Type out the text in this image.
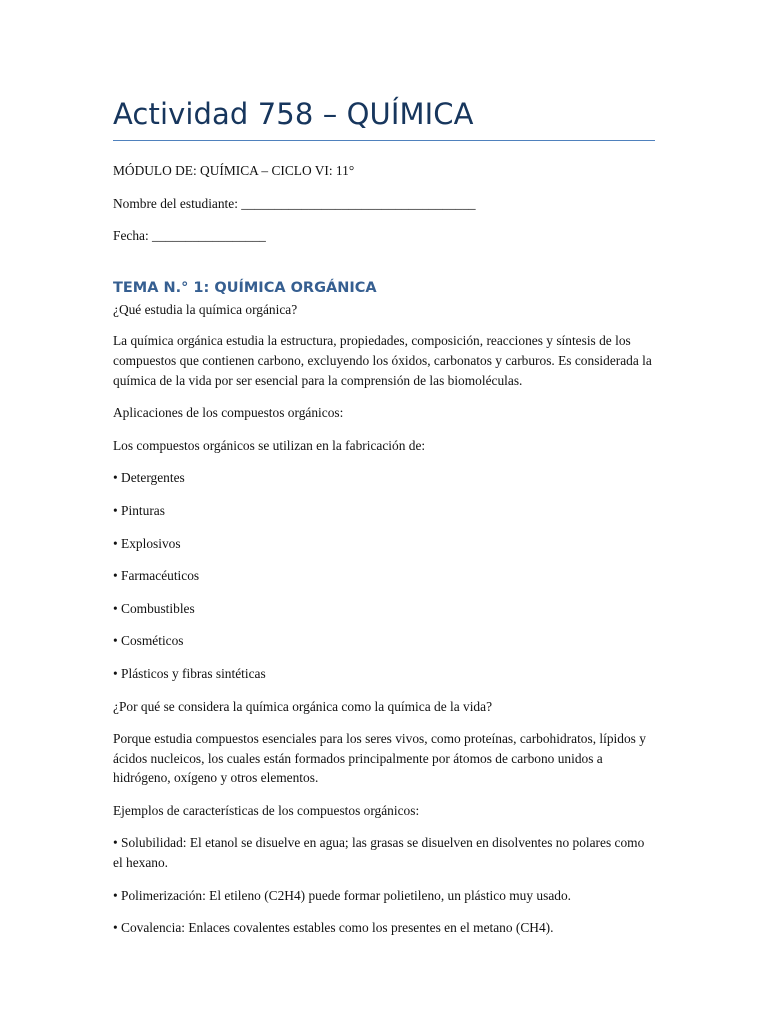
Actividad 758 – QUÍMICA

MÓDULO DE: QUÍMICA – CICLO VI: 11°

Nombre del estudiante: ___________________________________

Fecha: _________________

TEMA N.° 1: QUÍMICA ORGÁNICA

¿Qué estudia la química orgánica?

La química orgánica estudia la estructura, propiedades, composición, reacciones y síntesis de los compuestos que contienen carbono, excluyendo los óxidos, carbonatos y carburos. Es considerada la química de la vida por ser esencial para la comprensión de las biomoléculas.

Aplicaciones de los compuestos orgánicos:

Los compuestos orgánicos se utilizan en la fabricación de:

• Detergentes

• Pinturas

• Explosivos

• Farmacéuticos

• Combustibles

• Cosméticos

• Plásticos y fibras sintéticas

¿Por qué se considera la química orgánica como la química de la vida?

Porque estudia compuestos esenciales para los seres vivos, como proteínas, carbohidratos, lípidos y ácidos nucleicos, los cuales están formados principalmente por átomos de carbono unidos a hidrógeno, oxígeno y otros elementos.

Ejemplos de características de los compuestos orgánicos:

• Solubilidad: El etanol se disuelve en agua; las grasas se disuelven en disolventes no polares como el hexano.

• Polimerización: El etileno (C2H4) puede formar polietileno, un plástico muy usado.

• Covalencia: Enlaces covalentes estables como los presentes en el metano (CH4).
